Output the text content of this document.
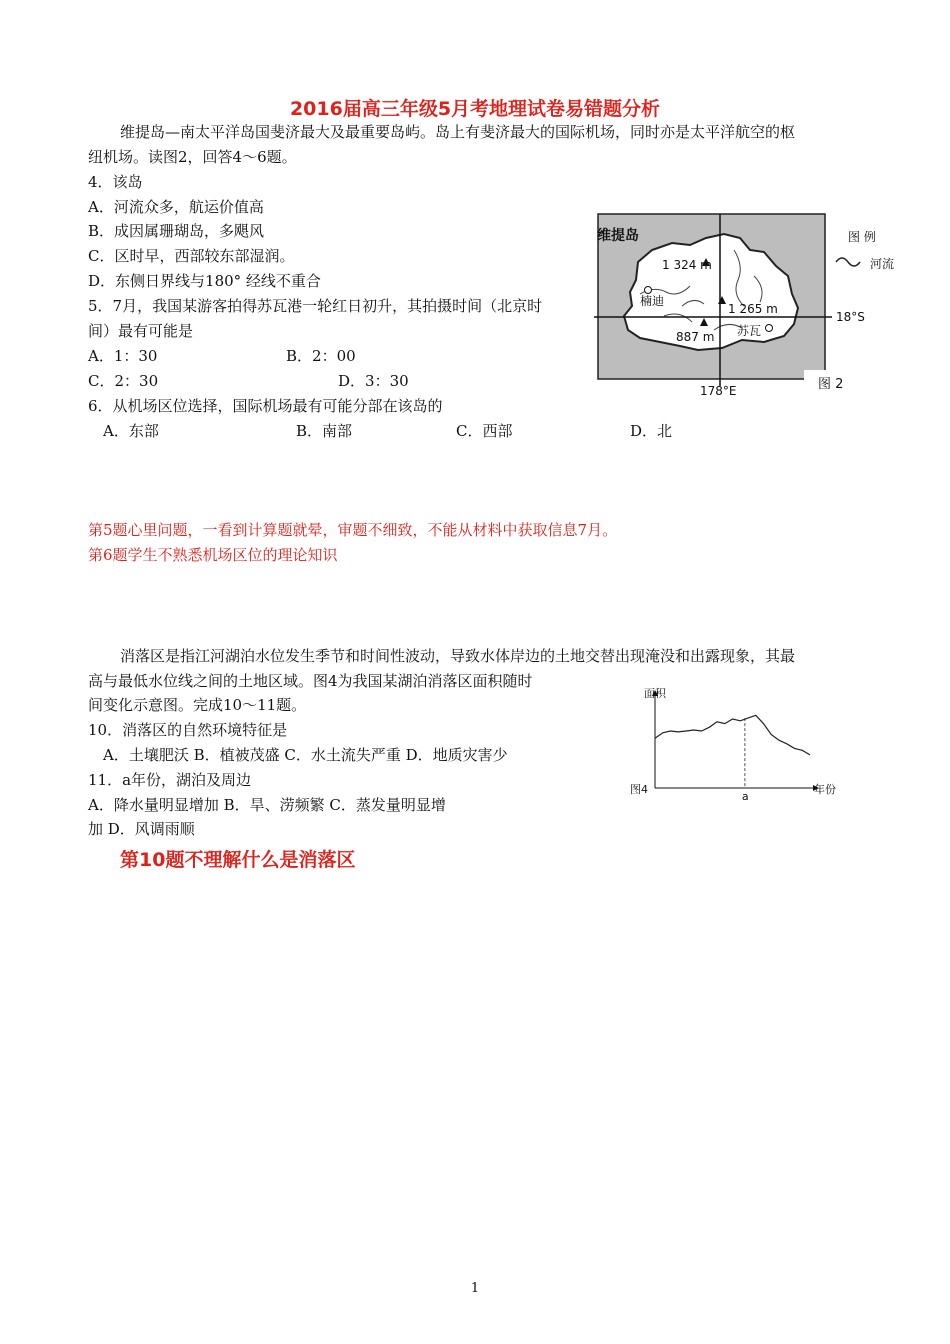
2016届高三年级5月考地理试卷易错题分析
维提岛—南太平洋岛国斐济最大及最重要岛屿。岛上有斐济最大的国际机场，同时亦是太平洋航空的枢
纽机场。读图2，回答4～6题。
4．该岛
A．河流众多，航运价值高
B．成因属珊瑚岛，多飓风
C．区时早，西部较东部湿润。
D．东侧日界线与180° 经线不重合
5．7月，我国某游客拍得苏瓦港一轮红日初升，其拍摄时间（北京时
间）最有可能是
A．1：30	B．2：00
C．2：30	D．3：30
6．从机场区位选择，国际机场最有可能分部在该岛的
A．东部	B．南部	C．西部	D．北
第5题心里问题，一看到计算题就晕，审题不细致，不能从材料中获取信息7月。
第6题学生不熟悉机场区位的理论知识
维提岛	图 例
河流
1 324 m
1 265 m
887 m
楠迪
苏瓦
18°S
178°E	图 2
消落区是指江河湖泊水位发生季节和时间性波动，导致水体岸边的土地交替出现淹没和出露现象，其最
高与最低水位线之间的土地区域。图4为我国某湖泊消落区面积随时
间变化示意图。完成10～11题。
10．消落区的自然环境特征是
A．土壤肥沃 B．植被茂盛 C．水土流失严重 D．地质灾害少
11．a年份，湖泊及周边
A．降水量明显增加 B．旱、涝频繁 C．蒸发量明显增
加 D．风调雨顺
第10题不理解什么是消落区
面积
年份
图4
a
1
